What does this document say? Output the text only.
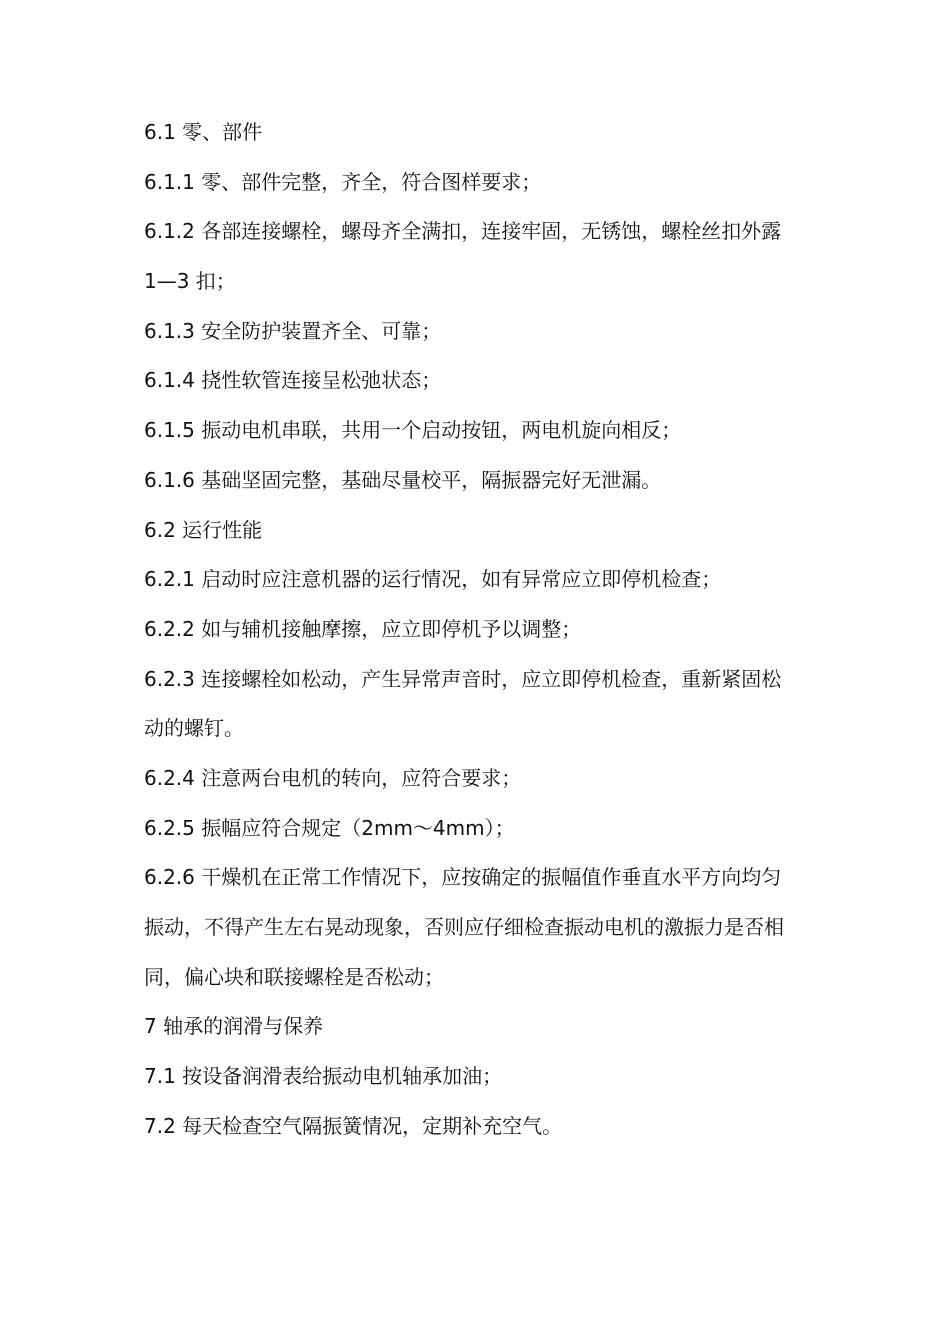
6.1 零、部件
6.1.1 零、部件完整，齐全，符合图样要求；
6.1.2 各部连接螺栓，螺母齐全满扣，连接牢固，无锈蚀，螺栓丝扣外露
1—3 扣；
6.1.3 安全防护装置齐全、可靠；
6.1.4 挠性软管连接呈松弛状态；
6.1.5 振动电机串联，共用一个启动按钮，两电机旋向相反；
6.1.6 基础坚固完整，基础尽量校平，隔振器完好无泄漏。
6.2 运行性能
6.2.1 启动时应注意机器的运行情况，如有异常应立即停机检查；
6.2.2 如与辅机接触摩擦，应立即停机予以调整；
6.2.3 连接螺栓如松动，产生异常声音时，应立即停机检查，重新紧固松
动的螺钉。
6.2.4 注意两台电机的转向，应符合要求；
6.2.5 振幅应符合规定（2mm～4mm）；
6.2.6 干燥机在正常工作情况下，应按确定的振幅值作垂直水平方向均匀
振动，不得产生左右晃动现象，否则应仔细检查振动电机的激振力是否相
同，偏心块和联接螺栓是否松动；
7 轴承的润滑与保养
7.1 按设备润滑表给振动电机轴承加油；
7.2 每天检查空气隔振簧情况，定期补充空气。
